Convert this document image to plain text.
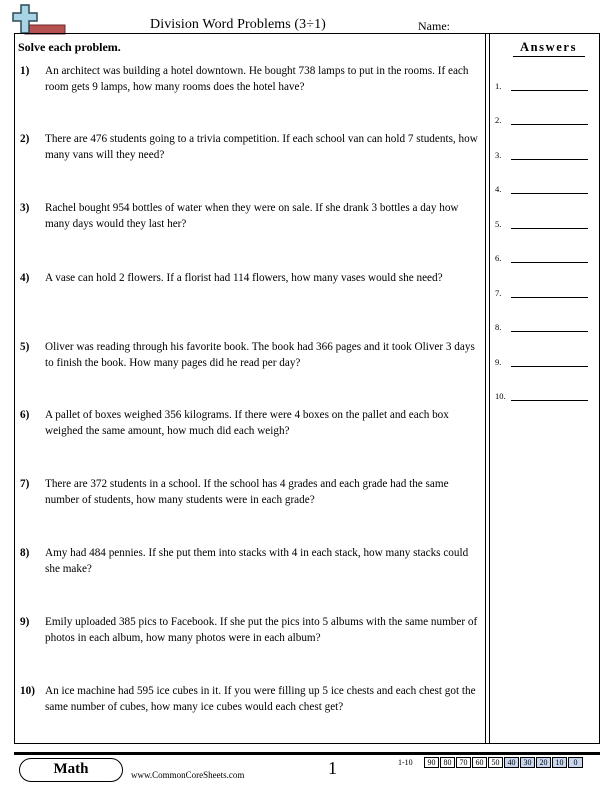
Division Word Problems (3÷1)	Name:
Solve each problem.
1)	An architect was building a hotel downtown. He bought 738 lamps to put in the rooms. If each room gets 9 lamps, how many rooms does the hotel have?
2)	There are 476 students going to a trivia competition. If each school van can hold 7 students, how many vans will they need?
3)	Rachel bought 954 bottles of water when they were on sale. If she drank 3 bottles a day how many days would they last her?
4)	A vase can hold 2 flowers. If a florist had 114 flowers, how many vases would she need?
5)	Oliver was reading through his favorite book. The book had 366 pages and it took Oliver 3 days to finish the book. How many pages did he read per day?
6)	A pallet of boxes weighed 356 kilograms. If there were 4 boxes on the pallet and each box weighed the same amount, how much did each weigh?
7)	There are 372 students in a school. If the school has 4 grades and each grade had the same number of students, how many students were in each grade?
8)	Amy had 484 pennies. If she put them into stacks with 4 in each stack, how many stacks could she make?
9)	Emily uploaded 385 pics to Facebook. If she put the pics into 5 albums with the same number of photos in each album, how many photos were in each album?
10) An ice machine had 595 ice cubes in it. If you were filling up 5 ice chests and each chest got the same number of cubes, how many ice cubes would each chest get?
Answers
1.
2.
3.
4.
5.
6.
7.
8.
9.
10.
Math	www.CommonCoreSheets.com	1	1-10	90	80	70	60	50	40	30	20	10	0
